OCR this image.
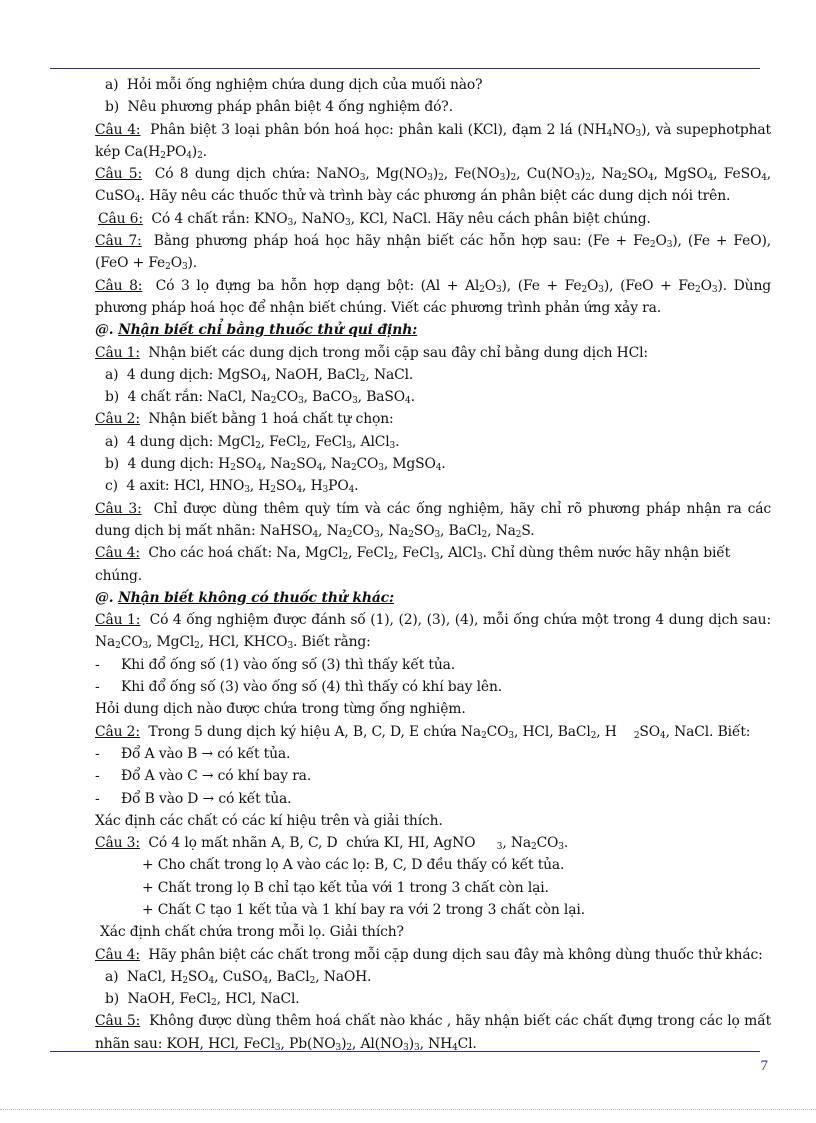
a)  Hỏi mỗi ống nghiệm chứa dung dịch của muối nào?
b)  Nêu phương pháp phân biệt 4 ống nghiệm đó?.
Câu 4:  Phân biệt 3 loại phân bón hoá học: phân kali (KCl), đạm 2 lá $(NH_4NO_3)$, và supephotphat kép $Ca(H_2PO_4)_2$.
Câu 5:  Có 8 dung dịch chứa: NaNO$_3$, $Mg(NO_3)_2$, $Fe(NO_3)_2$, $Cu(NO_3)_2$, $Na_2SO_4$, MgSO$_4$, FeSO$_4$, CuSO$_4$. Hãy nêu các thuốc thử và trình bày các phương án phân biệt các dung dịch nói trên.
Câu 6:  Có 4 chất rắn: $KNO_3$, NaNO$_3$, KCl, NaCl. Hãy nêu cách phân biệt chúng.
Câu 7:  Bằng phương pháp hoá học hãy nhận biết các hỗn hợp sau: $(Fe + Fe_2O_3)$, (Fe + FeO), $(FeO + Fe_2O_3)$.
Câu 8:  Có 3 lọ đựng ba hỗn hợp dạng bột: $(Al + Al_2O_3)$, $(Fe + Fe_2O_3)$, $(FeO + Fe_2O_3)$. Dùng phương pháp hoá học để nhận biết chúng. Viết các phương trình phản ứng xảy ra.
@. Nhận biết chỉ bằng thuốc thử qui định:
Câu 1:  Nhận biết các dung dịch trong mỗi cặp sau đây chỉ bằng dung dịch HCl:
a)  4 dung dịch: MgSO$_4$, NaOH, BaCl$_2$, NaCl.
b)  4 chất rắn: NaCl, $Na_2CO_3$, BaCO$_3$, BaSO$_4$.
Câu 2:  Nhận biết bằng 1 hoá chất tự chọn:
a)  4 dung dịch: MgCl$_2$, FeCl$_2$, FeCl$_3$, AlCl$_3$.
b)  4 dung dịch: $H_2SO_4$, $Na_2SO_4$, $Na_2CO_3$, MgSO$_4$.
c)  4 axit: HCl, $HNO_3$, $H_2SO_4$, $H_3PO_4$.
Câu 3:  Chỉ được dùng thêm quỳ tím và các ống nghiệm, hãy chỉ rõ phương pháp nhận ra các dung dịch bị mất nhãn: NaHSO$_4$, $Na_2CO_3$, $Na_2SO_3$, BaCl$_2$, $Na_2S$.
Câu 4:  Cho các hoá chất: Na, MgCl$_2$, FeCl$_2$, FeCl$_3$, AlCl$_3$. Chỉ dùng thêm nước hãy nhận biết chúng.
@. Nhận biết không có thuốc thử khác:
Câu 1:  Có 4 ống nghiệm được đánh số (1), (2), (3), (4), mỗi ống chứa một trong 4 dung dịch sau: $Na_2CO_3$, MgCl$_2$, HCl, $KHCO_3$. Biết rằng:
- Khi đổ ống số (1) vào ống số (3) thì thấy kết tủa.
- Khi đổ ống số (3) vào ống số (4) thì thấy có khí bay lên.
Hỏi dung dịch nào được chứa trong từng ống nghiệm.
Câu 2:  Trong 5 dung dịch ký hiệu A, B, C, D, E chứa $Na_2CO_3$, HCl, BaCl$_2$, H    $_2SO_4$, NaCl. Biết:
- Đổ A vào B → có kết tủa.
- Đổ A vào C → có khí bay ra.
- Đổ B vào D → có kết tủa.
Xác định các chất có các kí hiệu trên và giải thích.
Câu 3:  Có 4 lọ mất nhãn A, B, C, D  chứa KI, HI, AgNO     $_3$, $Na_2CO_3$.
+ Cho chất trong lọ A vào các lọ: B, C, D đều thấy có kết tủa.
+ Chất trong lọ B chỉ tạo kết tủa với 1 trong 3 chất còn lại.
+ Chất C tạo 1 kết tủa và 1 khí bay ra với 2 trong 3 chất còn lại.
Xác định chất chứa trong mỗi lọ. Giải thích?
Câu 4:  Hãy phân biệt các chất trong mỗi cặp dung dịch sau đây mà không dùng thuốc thử khác:
a)  NaCl, $H_2SO_4$, CuSO$_4$, BaCl$_2$, NaOH.
b)  NaOH, FeCl$_2$, HCl, NaCl.
Câu 5:  Không được dùng thêm hoá chất nào khác , hãy nhận biết các chất đựng trong các lọ mất nhãn sau: KOH, HCl, FeCl$_3$, $Pb(NO_3)_2$, $Al(NO_3)_3$, $NH_4Cl$.
7
